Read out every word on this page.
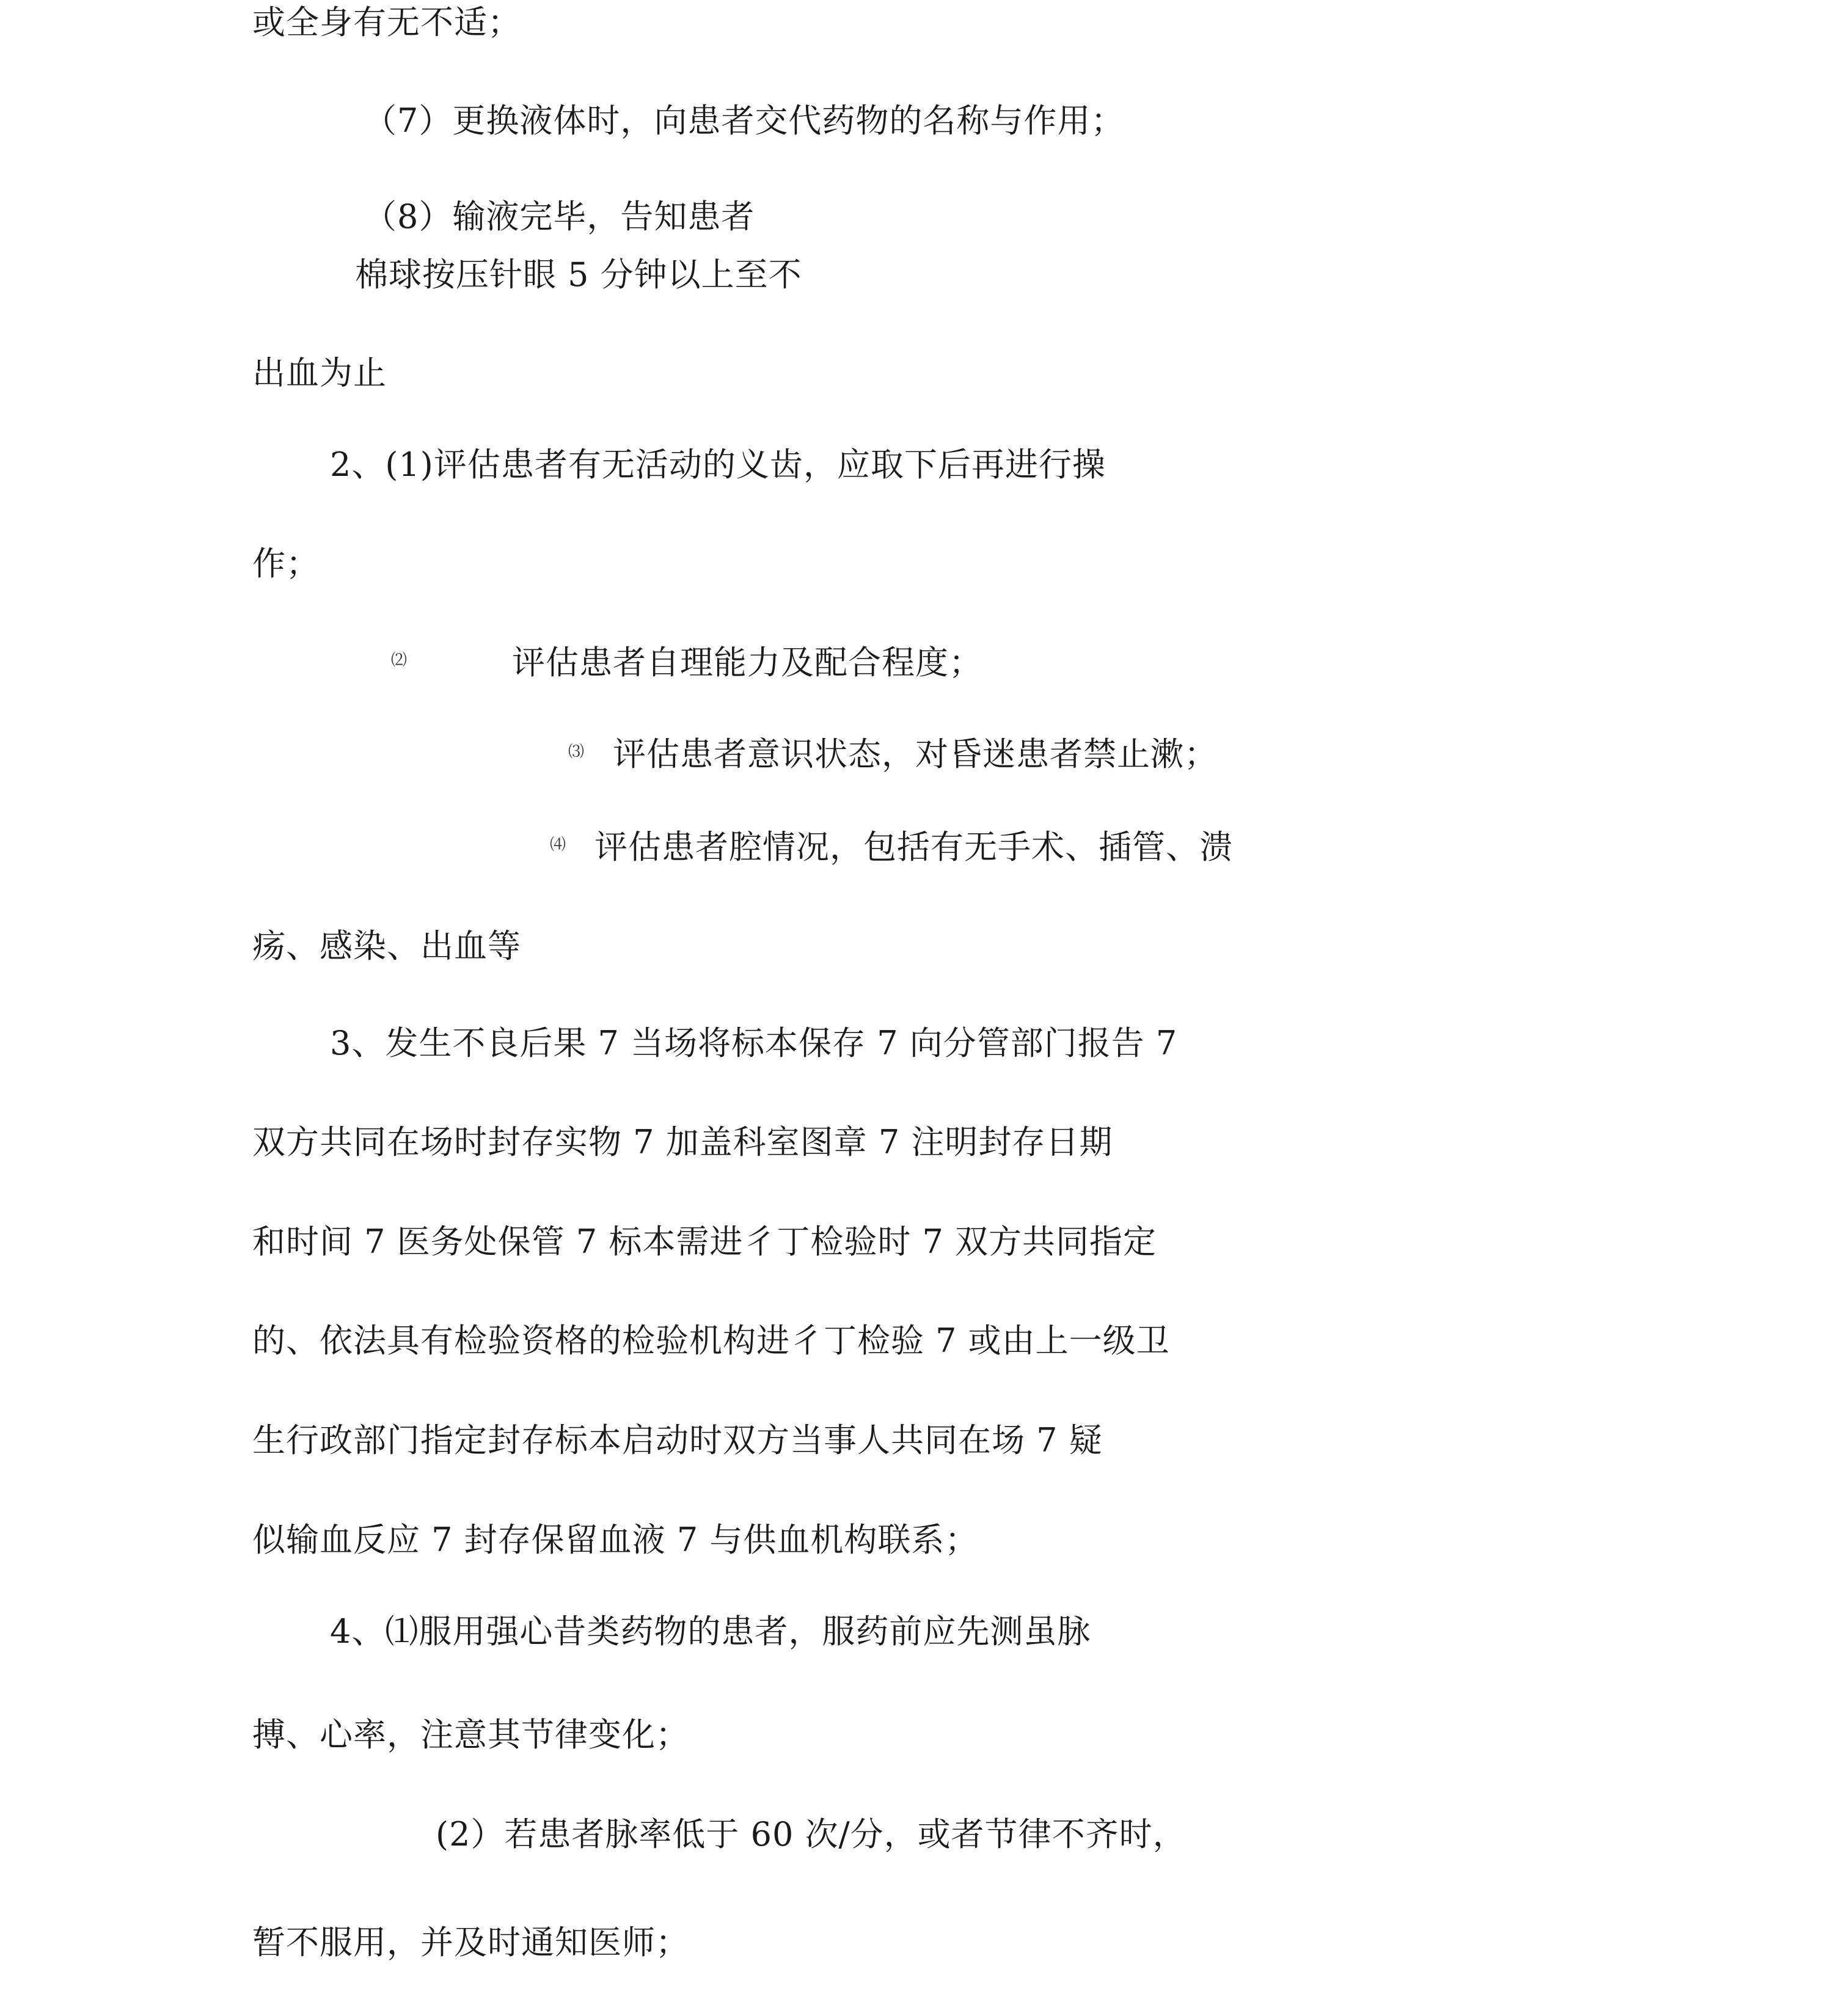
或全身有无不适；
（7）更换液体时，向患者交代药物的名称与作用；
（8）输液完毕，告知患者
棉球按压针眼 5 分钟以上至不
出血为止
2、(1)评估患者有无活动的义齿，应取下后再进行操
作；
⑵	评估患者自理能力及配合程度；
⑶ 评估患者意识状态，对昏迷患者禁止漱；
⑷ 评估患者腔情况，包括有无手术、插管、溃
疡、感染、出血等
3、发生不良后果 7 当场将标本保存 7 向分管部门报告 7
双方共同在场时封存实物 7 加盖科室图章 7 注明封存日期
和时间 7 医务处保管 7 标本需进彳丁检验时 7 双方共同指定
的、依法具有检验资格的检验机构进彳丁检验 7 或由上一级卫
生行政部门指定封存标本启动时双方当事人共同在场 7 疑
似输血反应 7 封存保留血液 7 与供血机构联系；
4、⑴服用强心昔类药物的患者，服药前应先测虽脉
搏、心率，注意其节律变化；
(2）若患者脉率低于 60 次/分，或者节律不齐时，
暂不服用，并及时通知医师；
